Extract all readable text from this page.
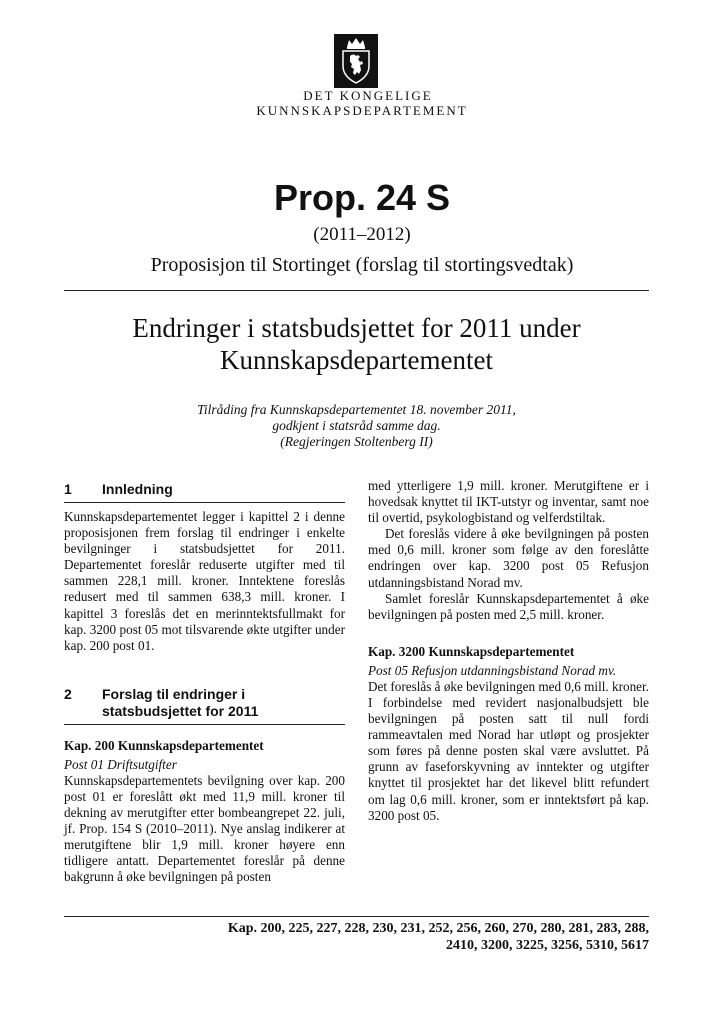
DET KONGELIGE
KUNNSKAPSDEPARTEMENT
Prop. 24 S
(2011–2012)
Proposisjon til Stortinget (forslag til stortingsvedtak)
Endringer i statsbudsjettet for 2011 under
Kunnskapsdepartementet
Tilråding fra Kunnskapsdepartementet 18. november 2011,
godkjent i statsråd samme dag.
(Regjeringen Stoltenberg II)
1	Innledning

Kunnskapsdepartementet legger i kapittel 2 i denne proposisjonen frem forslag til endringer i enkelte bevilgninger i statsbudsjettet for 2011. Departementet foreslår reduserte utgifter med til sammen 228,1 mill. kroner. Inntektene foreslås redusert med til sammen 638,3 mill. kroner. I kapittel 3 foreslås det en merinntektsfullmakt for kap. 3200 post 05 mot tilsvarende økte utgifter under kap. 200 post 01.

2	Forslag til endringer i statsbudsjettet for 2011
Kap. 200 Kunnskapsdepartementet
Post 01 Driftsutgifter

Kunnskapsdepartementets bevilgning over kap. 200 post 01 er foreslått økt med 11,9 mill. kroner til dekning av merutgifter etter bombeangrepet 22. juli, jf. Prop. 154 S (2010–2011). Nye anslag indikerer at merutgiftene blir 1,9 mill. kroner høyere enn tidligere antatt. Departementet foreslår på denne bakgrunn å øke bevilgningen på posten

med ytterligere 1,9 mill. kroner. Merutgiftene er i hovedsak knyttet til IKT-utstyr og inventar, samt noe til overtid, psykologbistand og velferdstiltak.

Det foreslås videre å øke bevilgningen på posten med 0,6 mill. kroner som følge av den foreslåtte endringen over kap. 3200 post 05 Refusjon utdanningsbistand Norad mv.

Samlet foreslår Kunnskapsdepartementet å øke bevilgningen på posten med 2,5 mill. kroner.

Kap. 3200 Kunnskapsdepartementet
Post 05 Refusjon utdanningsbistand Norad mv.

Det foreslås å øke bevilgningen med 0,6 mill. kroner. I forbindelse med revidert nasjonalbudsjett ble bevilgningen på posten satt til null fordi rammeavtalen med Norad har utløpt og prosjekter som føres på denne posten skal være avsluttet. På grunn av faseforskyvning av inntekter og utgifter knyttet til prosjektet har det likevel blitt refundert om lag 0,6 mill. kroner, som er inntektsført på kap. 3200 post 05.

Kap. 200, 225, 227, 228, 230, 231, 252, 256, 260, 270, 280, 281, 283, 288,
2410, 3200, 3225, 3256, 5310, 5617
